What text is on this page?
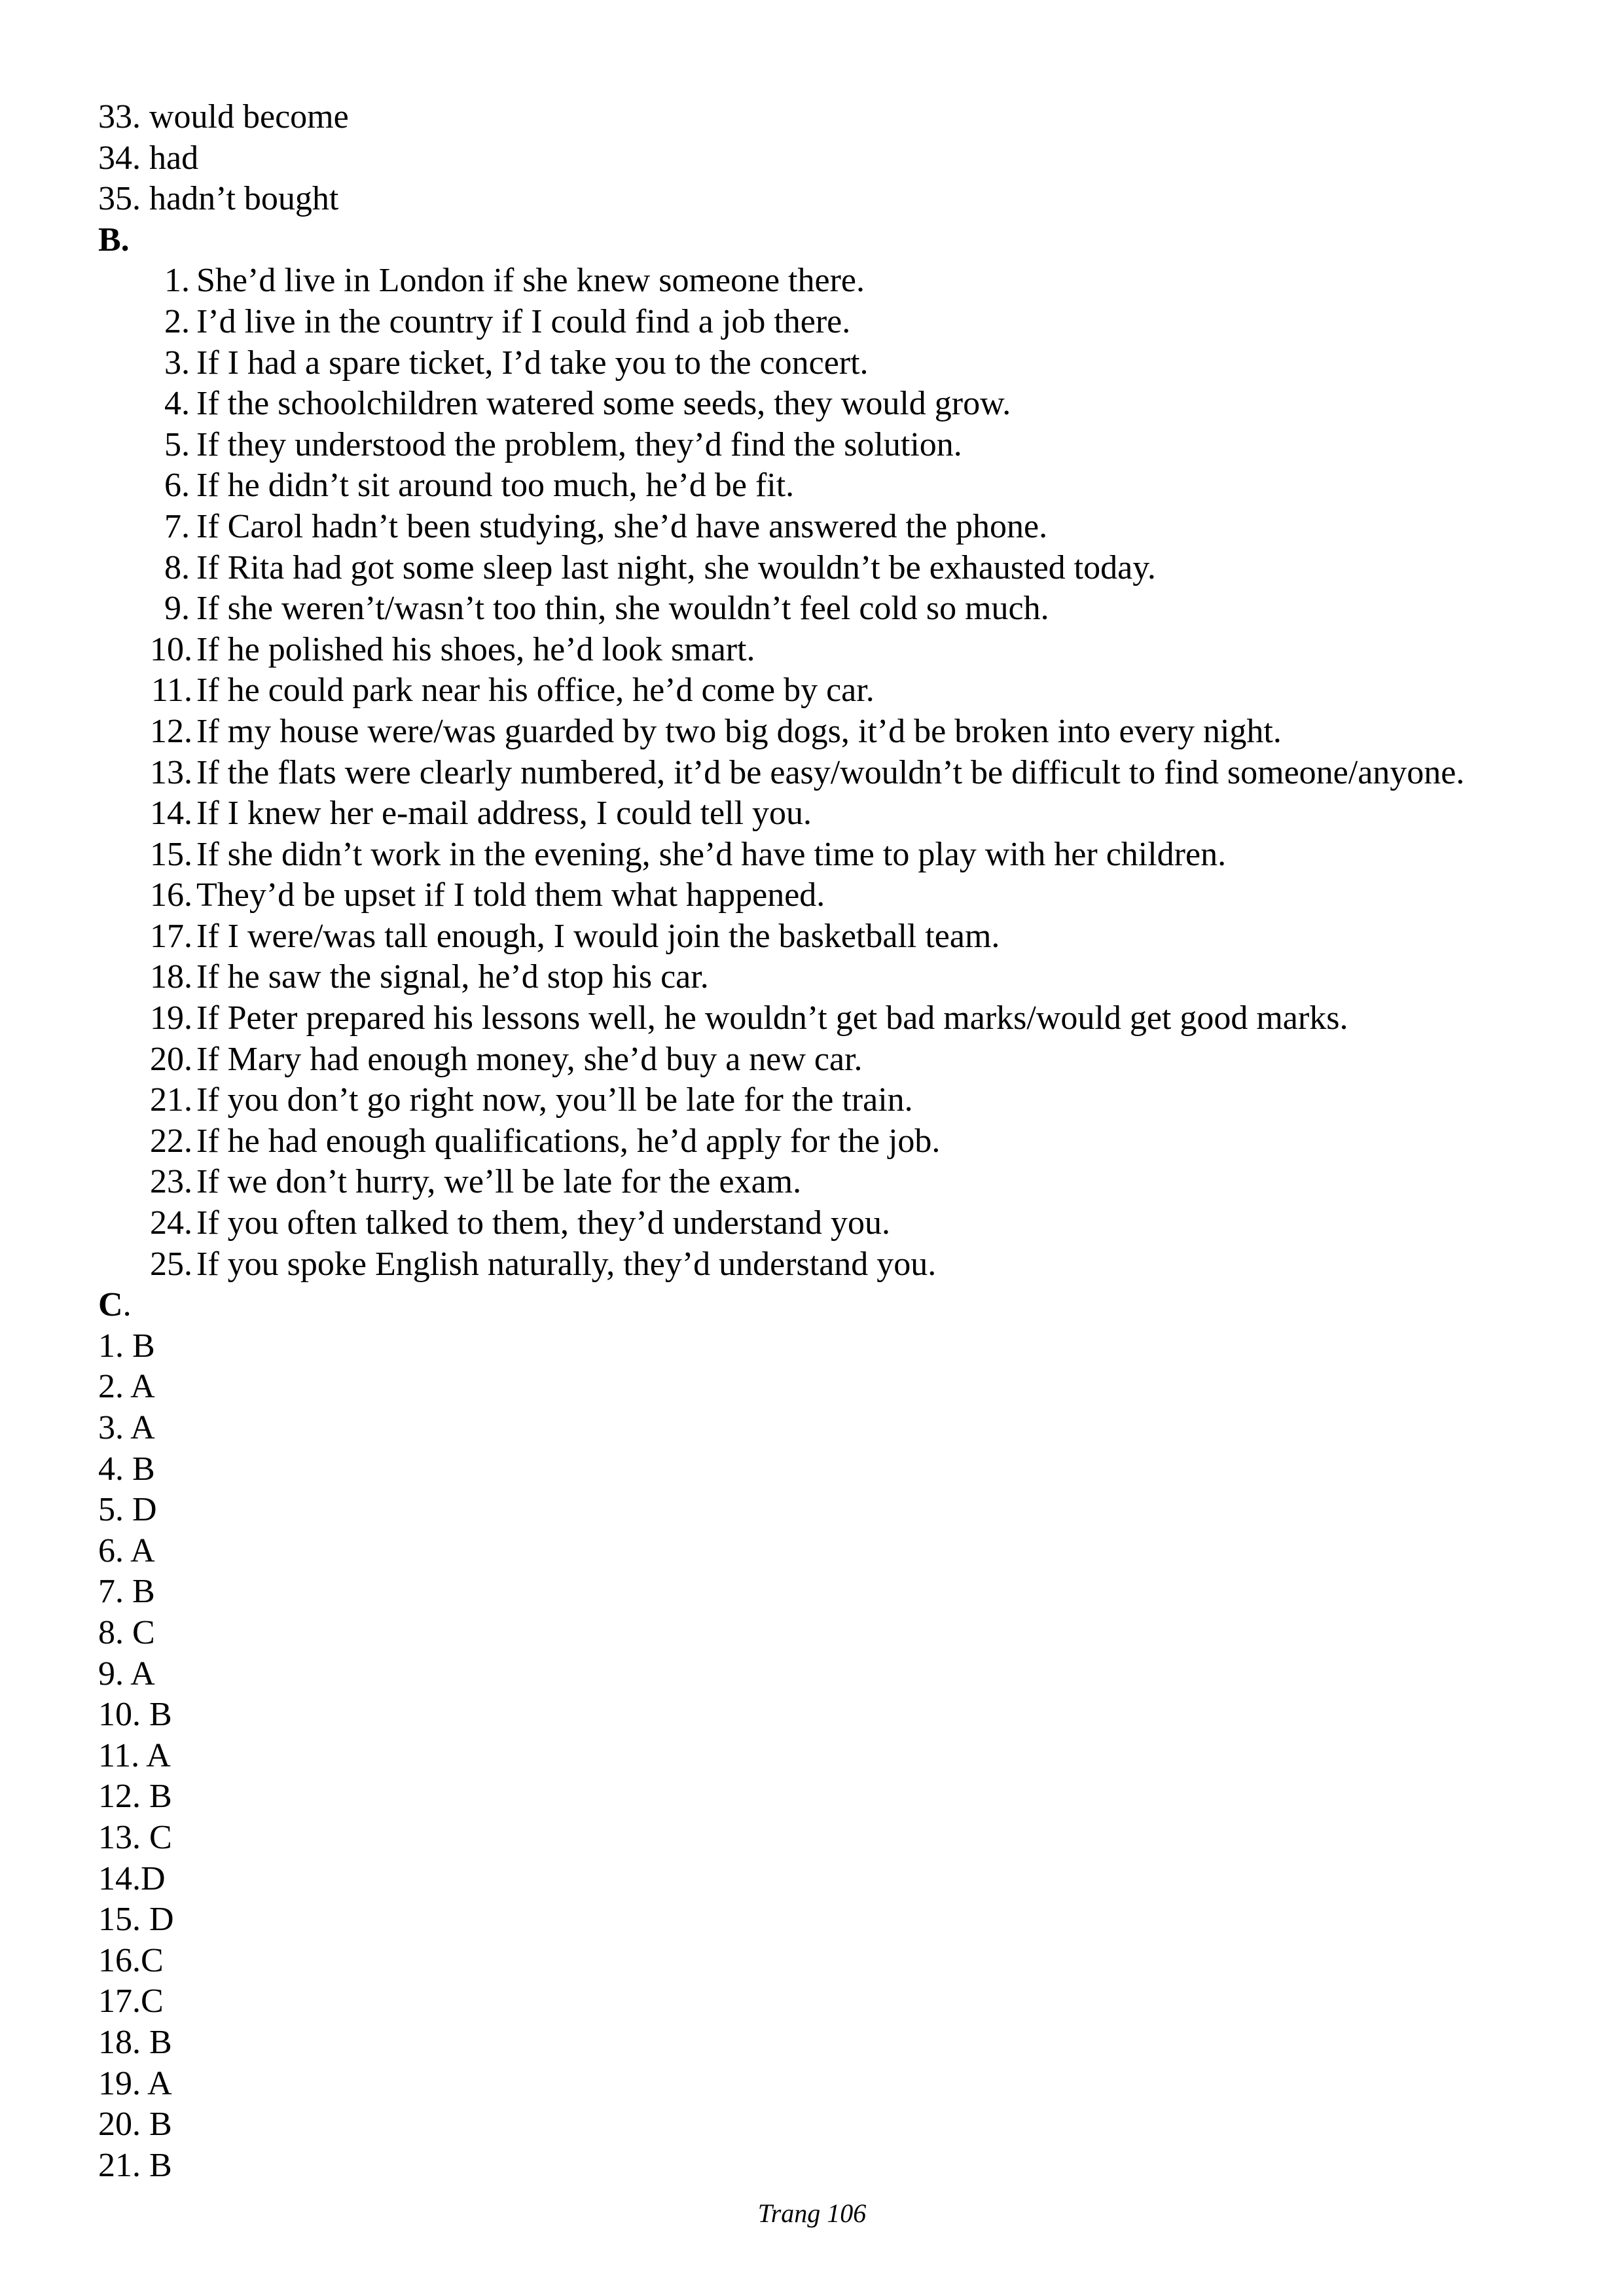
33. would become
34. had
35. hadn’t bought
B.
1. She’d live in London if she knew someone there.
2. I’d live in the country if I could find a job there.
3. If I had a spare ticket, I’d take you to the concert.
4. If the schoolchildren watered some seeds, they would grow.
5. If they understood the problem, they’d find the solution.
6. If he didn’t sit around too much, he’d be fit.
7. If Carol hadn’t been studying, she’d have answered the phone.
8. If Rita had got some sleep last night, she wouldn’t be exhausted today.
9. If she weren’t/wasn’t too thin, she wouldn’t feel cold so much.
10. If he polished his shoes, he’d look smart.
11. If he could park near his office, he’d come by car.
12. If my house were/was guarded by two big dogs, it’d be broken into every night.
13. If the flats were clearly numbered, it’d be easy/wouldn’t be difficult to find someone/anyone.
14. If I knew her e-mail address, I could tell you.
15. If she didn’t work in the evening, she’d have time to play with her children.
16. They’d be upset if I told them what happened.
17. If I were/was tall enough, I would join the basketball team.
18. If he saw the signal, he’d stop his car.
19. If Peter prepared his lessons well, he wouldn’t get bad marks/would get good marks.
20. If Mary had enough money, she’d buy a new car.
21. If you don’t go right now, you’ll be late for the train.
22. If he had enough qualifications, he’d apply for the job.
23. If we don’t hurry, we’ll be late for the exam.
24. If you often talked to them, they’d understand you.
25. If you spoke English naturally, they’d understand you.
C.
1. B
2. A
3. A
4. B
5. D
6. A
7. B
8. C
9. A
10. B
11. A
12. B
13. C
14.D
15. D
16.C
17.C
18. B
19. A
20. B
21. B
Trang 106
